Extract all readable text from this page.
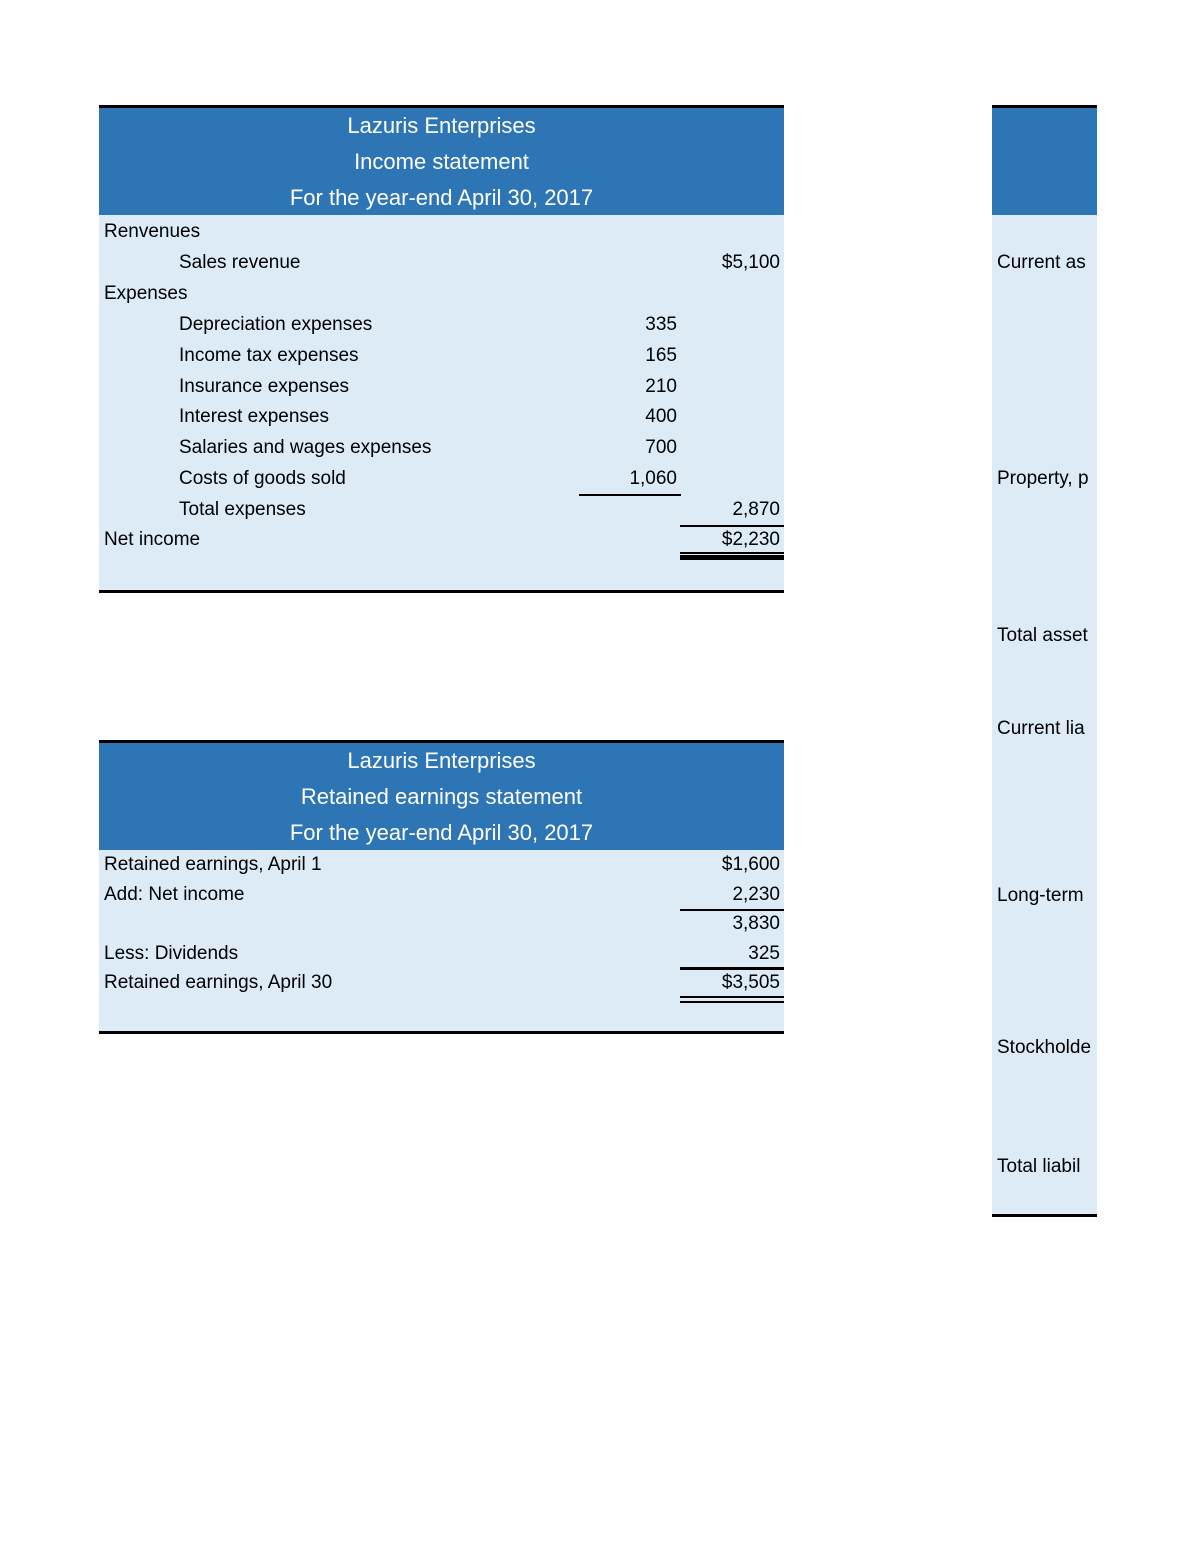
Lazuris Enterprises
Income statement
For the year-end April 30, 2017
Renvenues
Sales revenue	$5,100
Expenses
Depreciation expenses	335
Income tax expenses	165
Insurance expenses	210
Interest expenses	400
Salaries and wages expenses	700
Costs of goods sold	1,060
Total expenses	2,870
Net income	$2,230
Lazuris Enterprises
Retained earnings statement
For the year-end April 30, 2017
Retained earnings, April 1	$1,600
Add: Net income	2,230
3,830
Less: Dividends	325
Retained earnings, April 30	$3,505
Current as
Property, p
Total asset
Current lia
Long-term
Stockholde
Total liabil
